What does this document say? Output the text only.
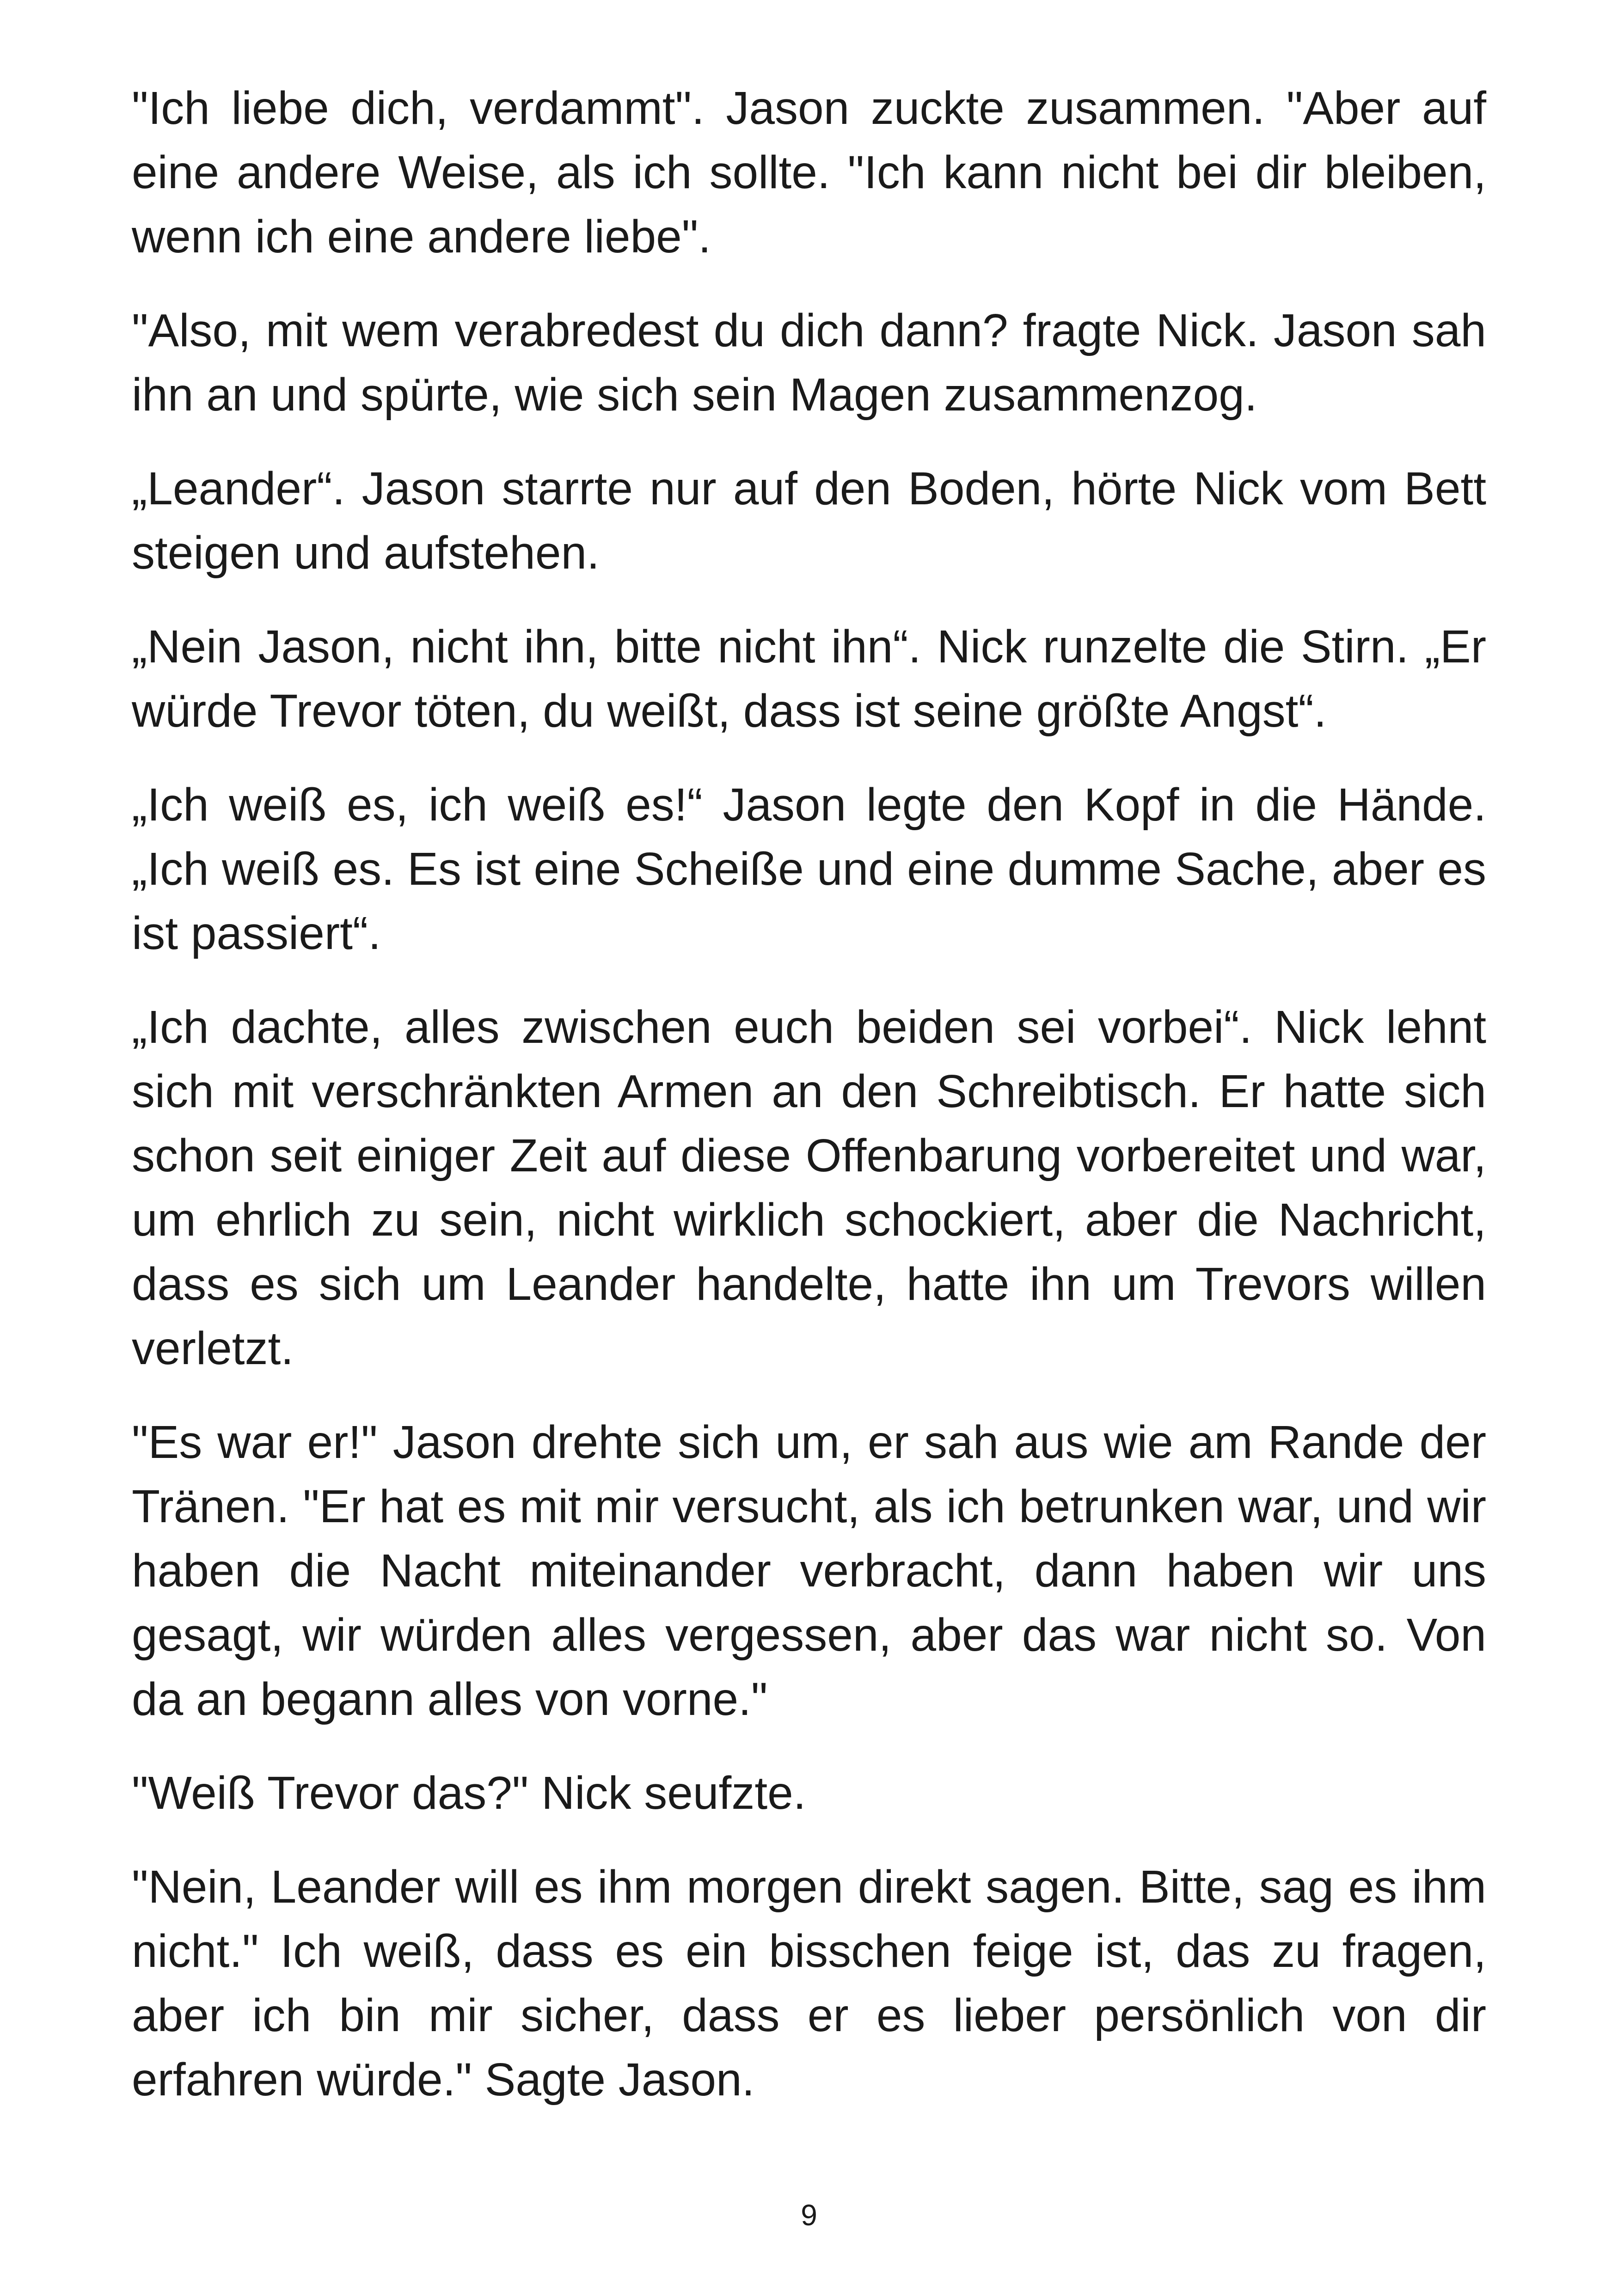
"Ich liebe dich, verdammt". Jason zuckte zusammen. "Aber auf eine andere Weise, als ich sollte. "Ich kann nicht bei dir bleiben, wenn ich eine andere liebe".

"Also, mit wem verabredest du dich dann? fragte Nick. Jason sah ihn an und spürte, wie sich sein Magen zusammenzog.

„Leander“. Jason starrte nur auf den Boden, hörte Nick vom Bett steigen und aufstehen.

„Nein Jason, nicht ihn, bitte nicht ihn“. Nick runzelte die Stirn. „Er würde Trevor töten, du weißt, dass ist seine größte Angst“.

„Ich weiß es, ich weiß es!“ Jason legte den Kopf in die Hände. „Ich weiß es. Es ist eine Scheiße und eine dumme Sache, aber es ist passiert“.

„Ich dachte, alles zwischen euch beiden sei vorbei“. Nick lehnt sich mit verschränkten Armen an den Schreibtisch. Er hatte sich schon seit einiger Zeit auf diese Offenbarung vorbereitet und war, um ehrlich zu sein, nicht wirklich schockiert, aber die Nachricht, dass es sich um Leander handelte, hatte ihn um Trevors willen verletzt.

"Es war er!" Jason drehte sich um, er sah aus wie am Rande der Tränen. "Er hat es mit mir versucht, als ich betrunken war, und wir haben die Nacht miteinander verbracht, dann haben wir uns gesagt, wir würden alles vergessen, aber das war nicht so. Von da an begann alles von vorne."

"Weiß Trevor das?" Nick seufzte.

"Nein, Leander will es ihm morgen direkt sagen. Bitte, sag es ihm nicht." Ich weiß, dass es ein bisschen feige ist, das zu fragen, aber ich bin mir sicher, dass er es lieber persönlich von dir erfahren würde." Sagte Jason.

9
